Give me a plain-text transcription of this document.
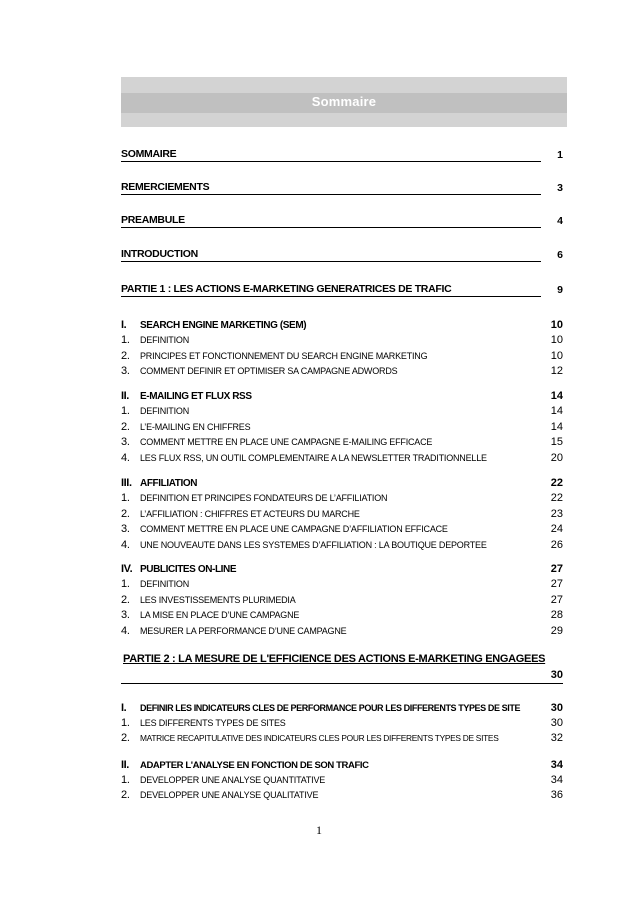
Sommaire
SOMMAIRE	1
REMERCIEMENTS	3
PREAMBULE	4
INTRODUCTION	6
PARTIE 1 : LES ACTIONS E-MARKETING GENERATRICES DE TRAFIC	9
I. SEARCH ENGINE MARKETING (SEM)	10
1. DEFINITION	10
2. PRINCIPES ET FONCTIONNEMENT DU SEARCH ENGINE MARKETING	10
3. COMMENT DEFINIR ET OPTIMISER SA CAMPAGNE ADWORDS	12
II. E-MAILING ET FLUX RSS	14
1. DEFINITION	14
2. L’E-MAILING EN CHIFFRES	14
3. COMMENT METTRE EN PLACE UNE CAMPAGNE E-MAILING EFFICACE	15
4. LES FLUX RSS, UN OUTIL COMPLEMENTAIRE A LA NEWSLETTER TRADITIONNELLE	20
III. AFFILIATION	22
1. DEFINITION ET PRINCIPES FONDATEURS DE L’AFFILIATION	22
2. L’AFFILIATION : CHIFFRES ET ACTEURS DU MARCHE	23
3. COMMENT METTRE EN PLACE UNE CAMPAGNE D’AFFILIATION EFFICACE	24
4. UNE NOUVEAUTE DANS LES SYSTEMES D’AFFILIATION : LA BOUTIQUE DEPORTEE	26
IV. PUBLICITES ON-LINE	27
1. DEFINITION	27
2. LES INVESTISSEMENTS PLURIMEDIA	27
3. LA MISE EN PLACE D’UNE CAMPAGNE	28
4. MESURER LA PERFORMANCE D’UNE CAMPAGNE	29
PARTIE 2 : LA MESURE DE L'EFFICIENCE DES ACTIONS E-MARKETING ENGAGEES
30
I. DEFINIR LES INDICATEURS CLES DE PERFORMANCE POUR LES DIFFERENTS TYPES DE SITE	30
1. LES DIFFERENTS TYPES DE SITES	30
2. MATRICE RECAPITULATIVE DES INDICATEURS CLES POUR LES DIFFERENTS TYPES DE SITES	32
II. ADAPTER L'ANALYSE EN FONCTION DE SON TRAFIC	34
1. DEVELOPPER UNE ANALYSE QUANTITATIVE	34
2. DEVELOPPER UNE ANALYSE QUALITATIVE	36
1
